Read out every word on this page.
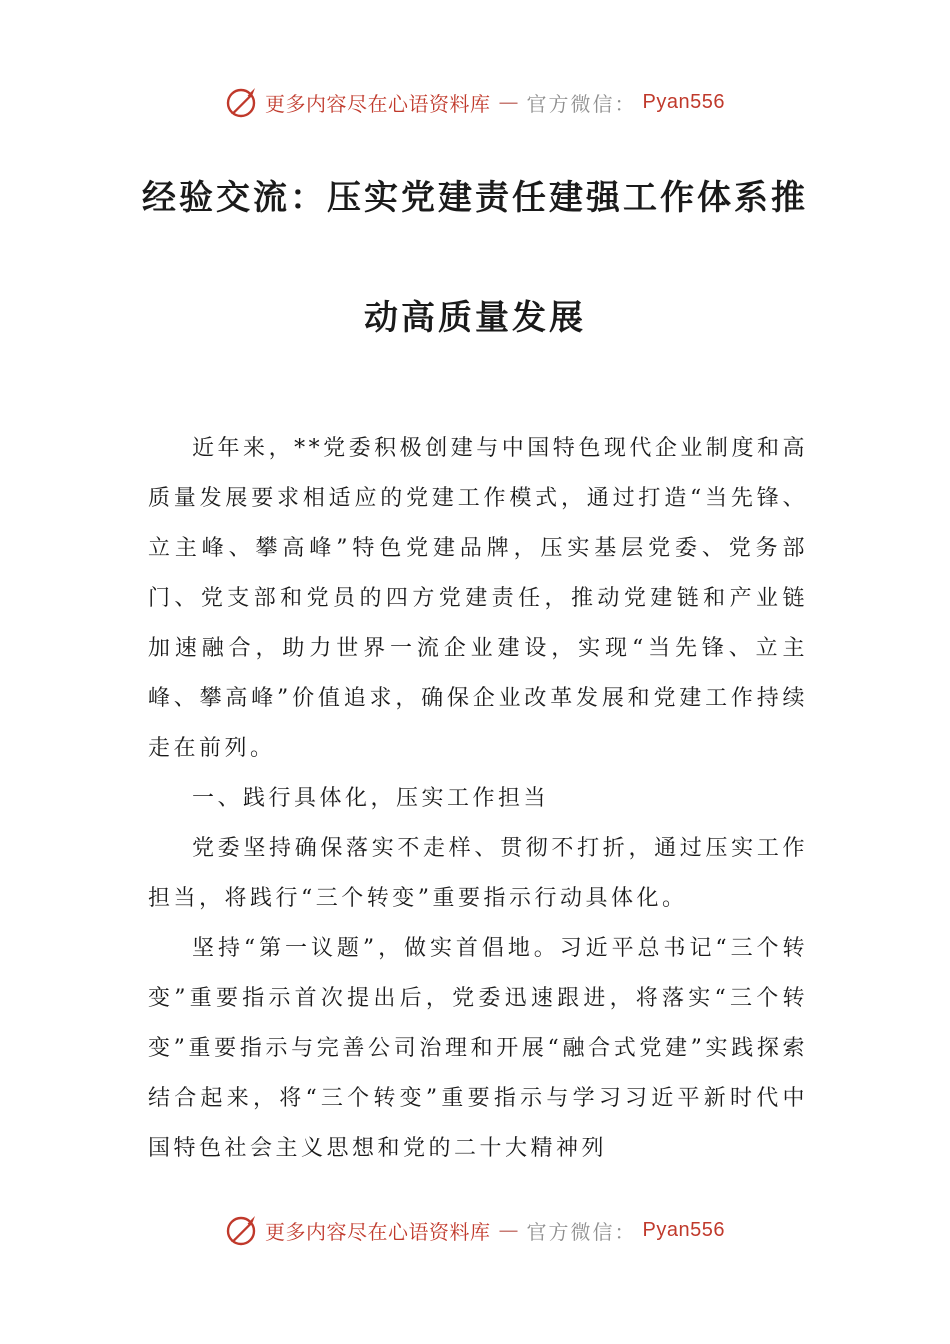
更多内容尽在心语资料库 — 官方微信： Pyan556
经验交流：压实党建责任建强工作体系推
动高质量发展

近年来，**党委积极创建与中国特色现代企业制度和高质量发展要求相适应的党建工作模式，通过打造“当先锋、立主峰、攀高峰”特色党建品牌，压实基层党委、党务部门、党支部和党员的四方党建责任，推动党建链和产业链加速融合，助力世界一流企业建设，实现“当先锋、立主峰、攀高峰”价值追求，确保企业改革发展和党建工作持续走在前列。

一、践行具体化，压实工作担当

党委坚持确保落实不走样、贯彻不打折，通过压实工作担当，将践行“三个转变”重要指示行动具体化。

坚持“第一议题”，做实首倡地。习近平总书记“三个转变”重要指示首次提出后，党委迅速跟进，将落实“三个转变”重要指示与完善公司治理和开展“融合式党建”实践探索结合起来，将“三个转变”重要指示与学习习近平新时代中国特色社会主义思想和党的二十大精神列

更多内容尽在心语资料库 — 官方微信： Pyan556
